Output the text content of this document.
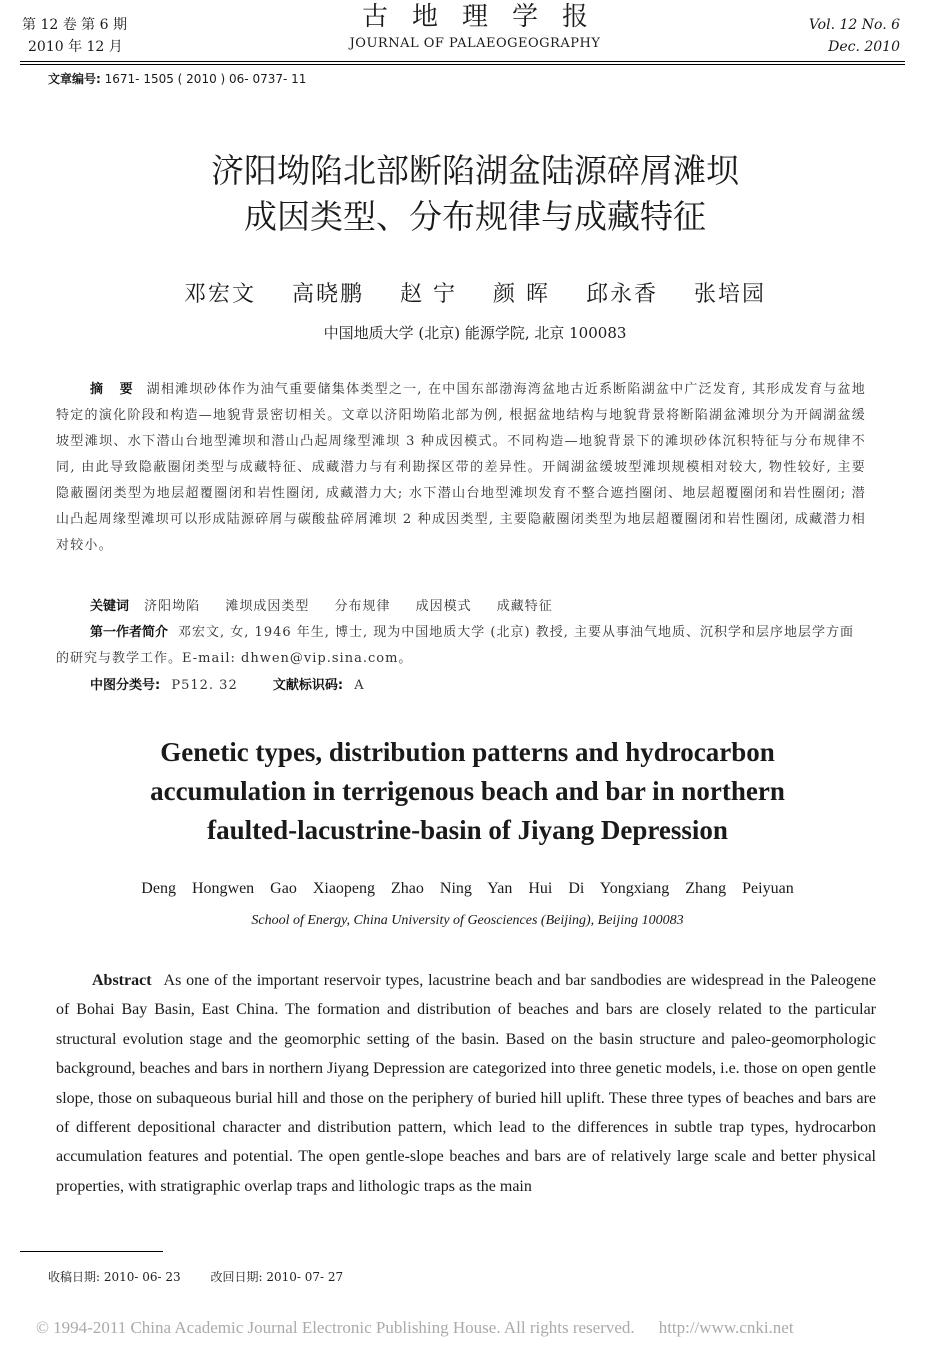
第 12 卷 第 6 期
2010 年 12 月
古地理学报
JOURNAL OF PALAEOGEOGRAPHY
Vol. 12 No. 6
Dec. 2010
文章编号: 1671- 1505 ( 2010 ) 06- 0737- 11
济阳坳陷北部断陷湖盆陆源碎屑滩坝
成因类型、分布规律与成藏特征
邓宏文 高晓鹏 赵 宁 颜 晖 邱永香 张培园
中国地质大学 (北京) 能源学院, 北京 100083
摘 要 湖相滩坝砂体作为油气重要储集体类型之一, 在中国东部渤海湾盆地古近系断陷湖盆中广泛发育, 其形成发育与盆地特定的演化阶段和构造—地貌背景密切相关。文章以济阳坳陷北部为例, 根据盆地结构与地貌背景将断陷湖盆滩坝分为开阔湖盆缓坡型滩坝、水下潜山台地型滩坝和潜山凸起周缘型滩坝 3 种成因模式。不同构造—地貌背景下的滩坝砂体沉积特征与分布规律不同, 由此导致隐蔽圈闭类型与成藏特征、成藏潜力与有利勘探区带的差异性。开阔湖盆缓坡型滩坝规模相对较大, 物性较好, 主要隐蔽圈闭类型为地层超覆圈闭和岩性圈闭, 成藏潜力大; 水下潜山台地型滩坝发育不整合遮挡圈闭、地层超覆圈闭和岩性圈闭; 潜山凸起周缘型滩坝可以形成陆源碎屑与碳酸盐碎屑滩坝 2 种成因类型, 主要隐蔽圈闭类型为地层超覆圈闭和岩性圈闭, 成藏潜力相对较小。
关键词 济阳坳陷 滩坝成因类型 分布规律 成因模式 成藏特征
第一作者简介 邓宏文, 女, 1946 年生, 博士, 现为中国地质大学 (北京) 教授, 主要从事油气地质、沉积学和层序地层学方面的研究与教学工作。E-mail: dhwen@vip.sina.com。
中图分类号: P512. 32	文献标识码: A
Genetic types, distribution patterns and hydrocarbon
accumulation in terrigenous beach and bar in northern
faulted-lacustrine-basin of Jiyang Depression
Deng Hongwen Gao Xiaopeng Zhao Ning Yan Hui Di Yongxiang Zhang Peiyuan
School of Energy, China University of Geosciences (Beijing), Beijing 100083
Abstract As one of the important reservoir types, lacustrine beach and bar sandbodies are widespread in the Paleogene of Bohai Bay Basin, East China. The formation and distribution of beaches and bars are closely related to the particular structural evolution stage and the geomorphic setting of the basin. Based on the basin structure and paleo-geomorphologic background, beaches and bars in northern Jiyang Depression are categorized into three genetic models, i.e. those on open gentle slope, those on subaqueous burial hill and those on the periphery of buried hill uplift. These three types of beaches and bars are of different depositional character and distribution pattern, which lead to the differences in subtle trap types, hydrocarbon accumulation features and potential. The open gentle-slope beaches and bars are of relatively large scale and better physical properties, with stratigraphic overlap traps and lithologic traps as the main
收稿日期: 2010- 06- 23 改回日期: 2010- 07- 27
© 1994-2011 China Academic Journal Electronic Publishing House. All rights reserved. http://www.cnki.net
